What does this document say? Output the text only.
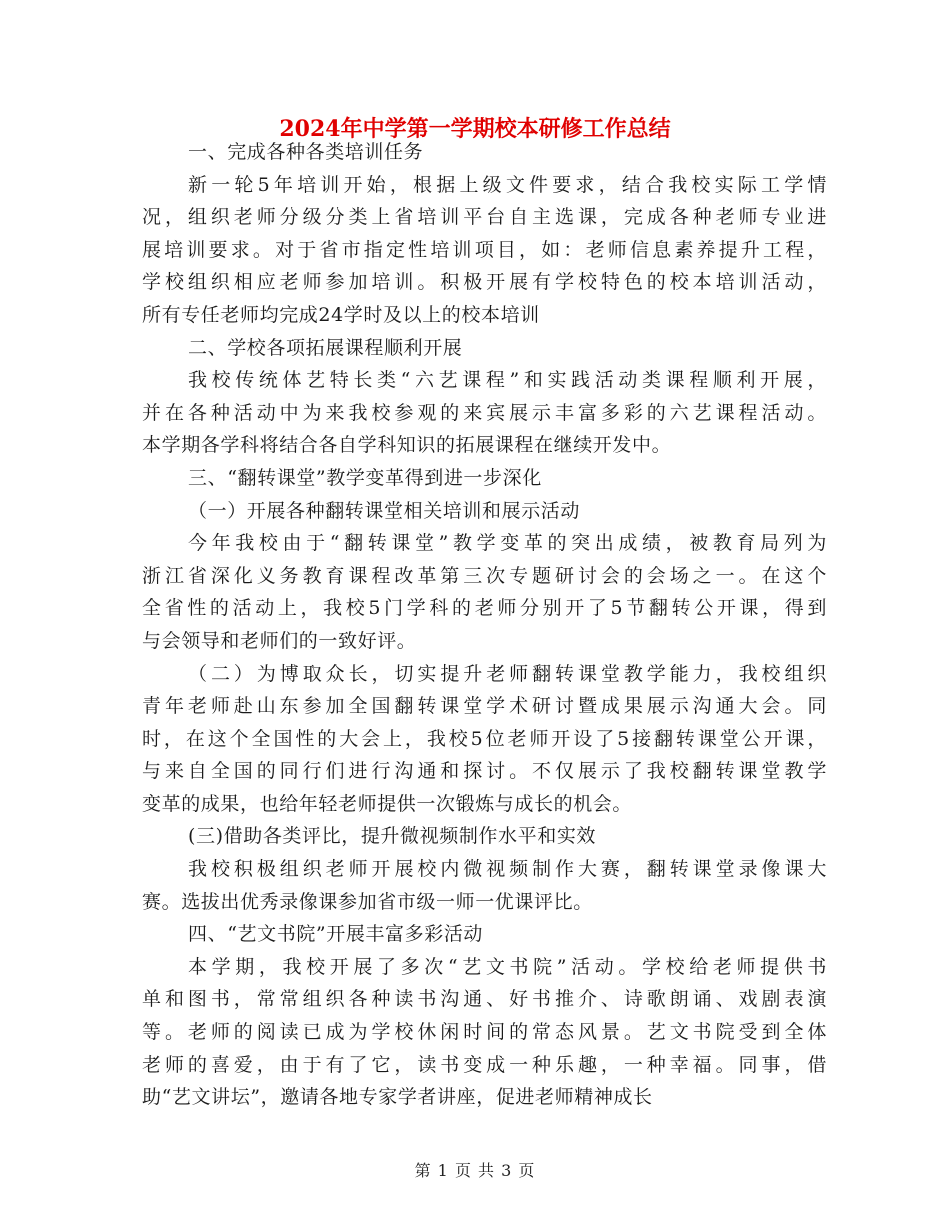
2024年中学第一学期校本研修工作总结
一、完成各种各类培训任务
新一轮5年培训开始，根据上级文件要求，结合我校实际工学情
况，组织老师分级分类上省培训平台自主选课，完成各种老师专业进
展培训要求。对于省市指定性培训项目，如：老师信息素养提升工程，
学校组织相应老师参加培训。积极开展有学校特色的校本培训活动，
所有专任老师均完成24学时及以上的校本培训
二、学校各项拓展课程顺利开展
我校传统体艺特长类“六艺课程”和实践活动类课程顺利开展，
并在各种活动中为来我校参观的来宾展示丰富多彩的六艺课程活动。
本学期各学科将结合各自学科知识的拓展课程在继续开发中。
三、“翻转课堂”教学变革得到进一步深化
（一）开展各种翻转课堂相关培训和展示活动
今年我校由于“翻转课堂”教学变革的突出成绩，被教育局列为
浙江省深化义务教育课程改革第三次专题研讨会的会场之一。在这个
全省性的活动上，我校5门学科的老师分别开了5节翻转公开课，得到
与会领导和老师们的一致好评。
（二）为博取众长，切实提升老师翻转课堂教学能力，我校组织
青年老师赴山东参加全国翻转课堂学术研讨暨成果展示沟通大会。同
时，在这个全国性的大会上，我校5位老师开设了5接翻转课堂公开课，
与来自全国的同行们进行沟通和探讨。不仅展示了我校翻转课堂教学
变革的成果，也给年轻老师提供一次锻炼与成长的机会。
(三)借助各类评比，提升微视频制作水平和实效
我校积极组织老师开展校内微视频制作大赛，翻转课堂录像课大
赛。选拔出优秀录像课参加省市级一师一优课评比。
四、“艺文书院”开展丰富多彩活动
本学期，我校开展了多次“艺文书院”活动。学校给老师提供书
单和图书，常常组织各种读书沟通、好书推介、诗歌朗诵、戏剧表演
等。老师的阅读已成为学校休闲时间的常态风景。艺文书院受到全体
老师的喜爱，由于有了它，读书变成一种乐趣，一种幸福。同事，借
助“艺文讲坛”，邀请各地专家学者讲座，促进老师精神成长
第 1 页 共 3 页
